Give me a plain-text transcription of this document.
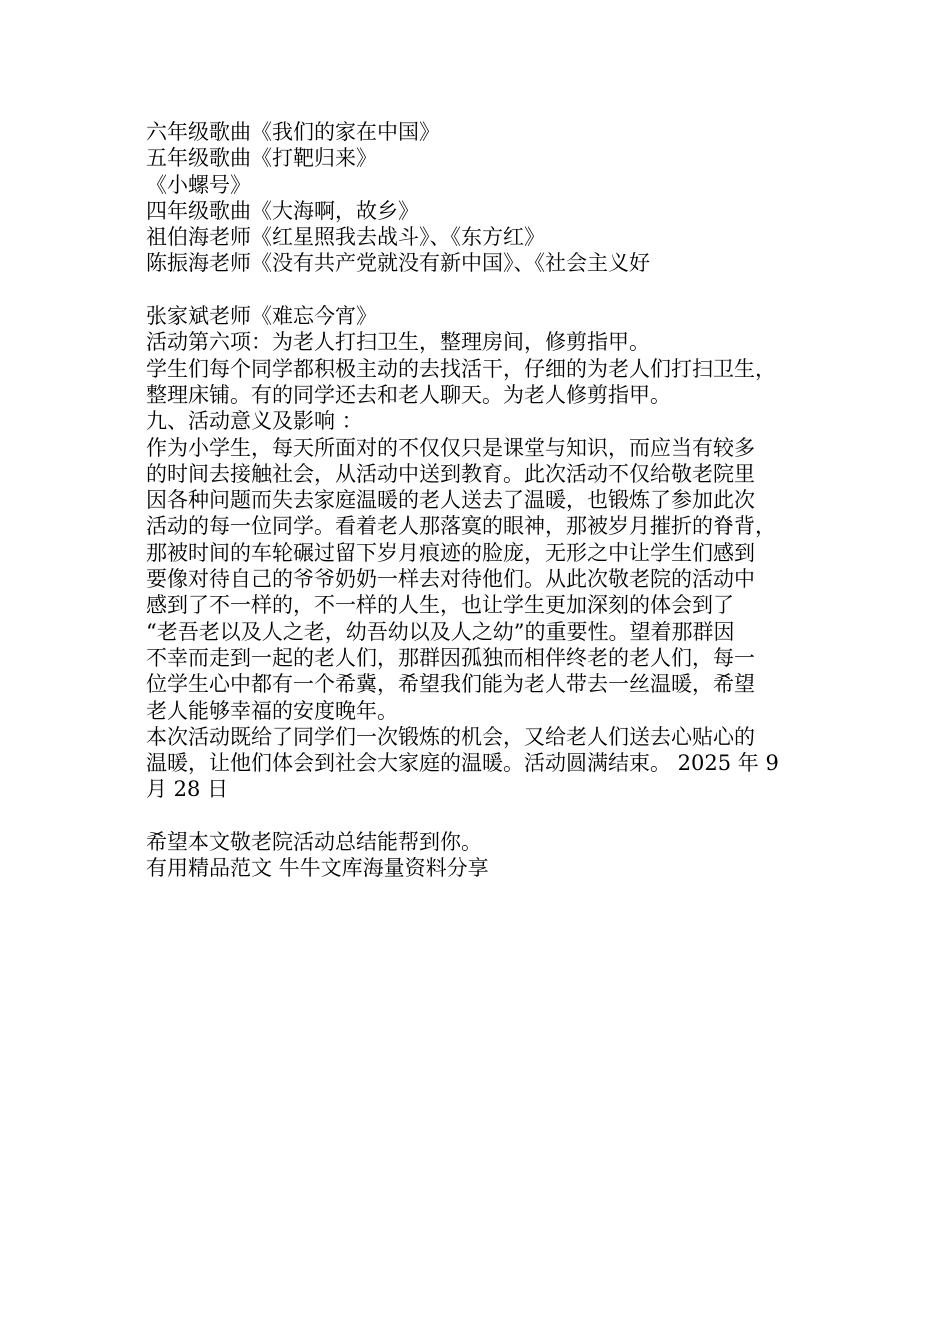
六年级歌曲《我们的家在中国》
五年级歌曲《打靶归来》
《小螺号》
四年级歌曲《大海啊，故乡》
祖伯海老师《红星照我去战斗》、《东方红》
陈振海老师《没有共产党就没有新中国》、《社会主义好
张家斌老师《难忘今宵》
活动第六项：为老人打扫卫生，整理房间，修剪指甲。
学生们每个同学都积极主动的去找活干，仔细的为老人们打扫卫生，
整理床铺。有的同学还去和老人聊天。为老人修剪指甲。
九、活动意义及影响 ：
作为小学生，每天所面对的不仅仅只是课堂与知识，而应当有较多
的时间去接触社会，从活动中送到教育。此次活动不仅给敬老院里
因各种问题而失去家庭温暖的老人送去了温暖，也锻炼了参加此次
活动的每一位同学。看着老人那落寞的眼神，那被岁月摧折的脊背，
那被时间的车轮碾过留下岁月痕迹的脸庞，无形之中让学生们感到
要像对待自己的爷爷奶奶一样去对待他们。从此次敬老院的活动中
感到了不一样的，不一样的人生，也让学生更加深刻的体会到了
“老吾老以及人之老，幼吾幼以及人之幼”的重要性。望着那群因
不幸而走到一起的老人们，那群因孤独而相伴终老的老人们，每一
位学生心中都有一个希冀，希望我们能为老人带去一丝温暖，希望
老人能够幸福的安度晚年。
本次活动既给了同学们一次锻炼的机会，又给老人们送去心贴心的
温暖，让他们体会到社会大家庭的温暖。活动圆满结束。 2025 年 9
月 28 日
希望本文敬老院活动总结能帮到你。
有用精品范文 牛牛文库海量资料分享
